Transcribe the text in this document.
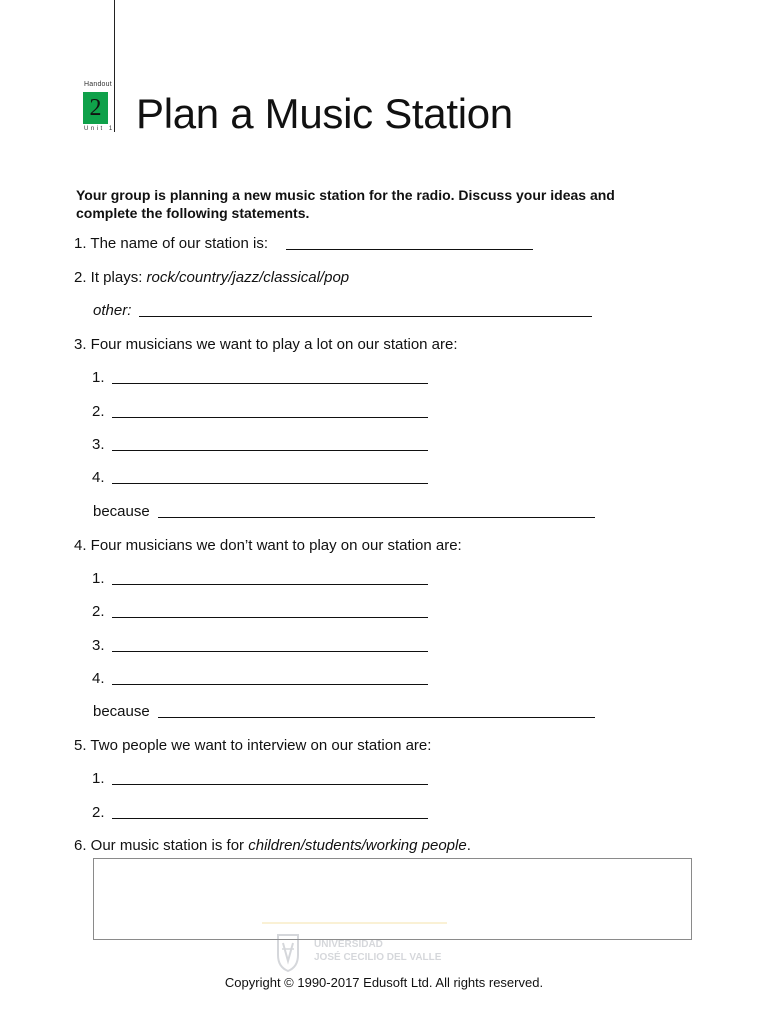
Handout
2
Unit 1 Plan a Music Station
Your group is planning a new music station for the radio. Discuss your ideas and complete the following statements.
1. The name of our station is:
2. It plays: rock/country/jazz/classical/pop
other:
3. Four musicians we want to play a lot on our station are:
1.
2.
3.
4.
because
4. Four musicians we don’t want to play on our station are:
1.
2.
3.
4.
because
5. Two people we want to interview on our station are:
1.
2.
6. Our music station is for children/students/working people.
UNIVERSIDAD
JOSÉ CECILIO DEL VALLE
Copyright © 1990-2017 Edusoft Ltd. All rights reserved.
